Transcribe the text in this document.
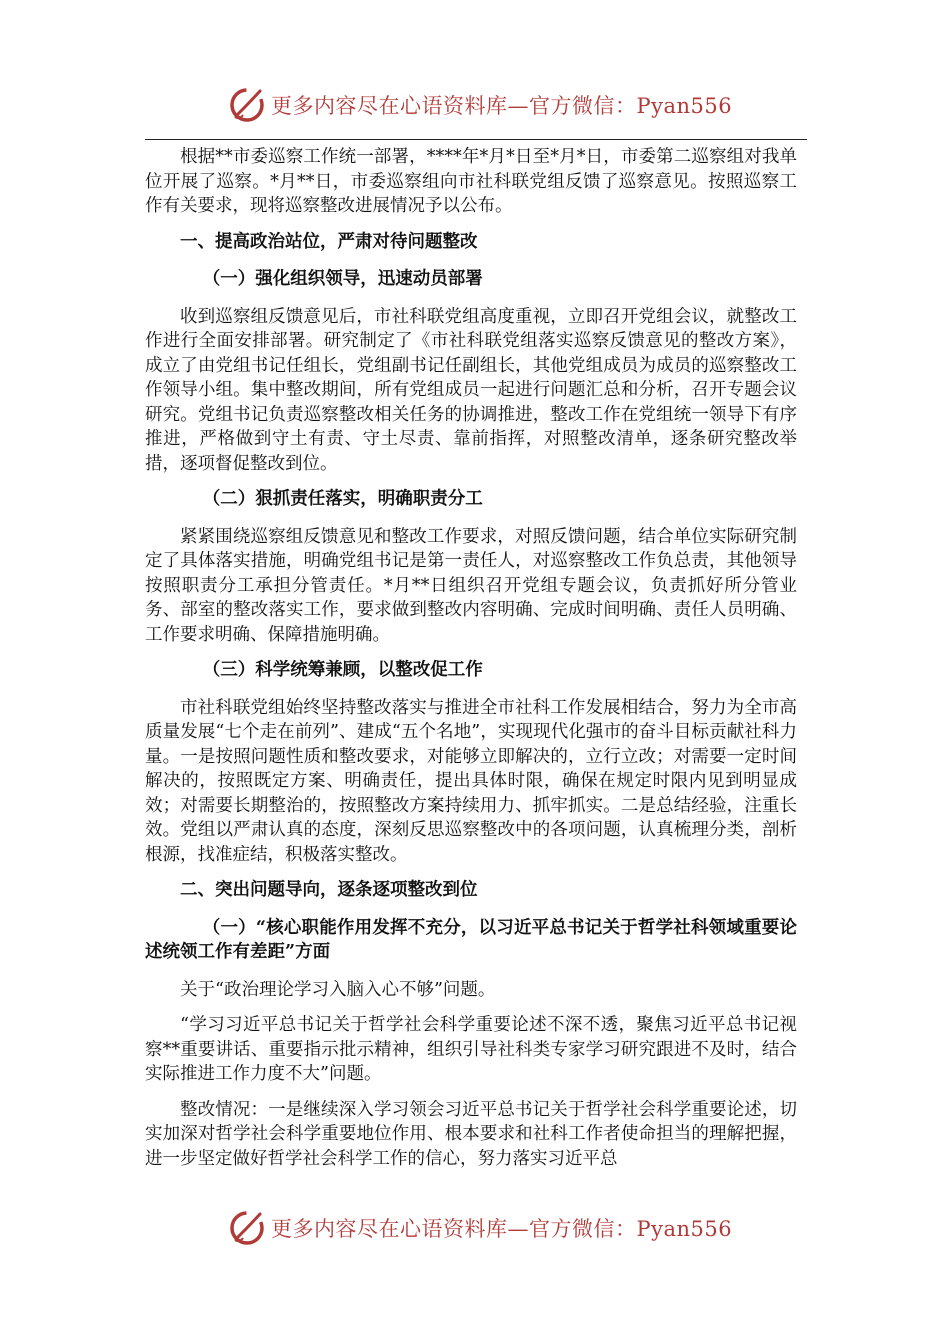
更多内容尽在心语资料库—官方微信：Pyan556

根据**市委巡察工作统一部署，****年*月*日至*月*日，市委第二巡察组对我单位开展了巡察。*月**日，市委巡察组向市社科联党组反馈了巡察意见。按照巡察工作有关要求，现将巡察整改进展情况予以公布。

一、提高政治站位，严肃对待问题整改

（一）强化组织领导，迅速动员部署

收到巡察组反馈意见后，市社科联党组高度重视，立即召开党组会议，就整改工作进行全面安排部署。研究制定了《市社科联党组落实巡察反馈意见的整改方案》，成立了由党组书记任组长，党组副书记任副组长，其他党组成员为成员的巡察整改工作领导小组。集中整改期间，所有党组成员一起进行问题汇总和分析，召开专题会议研究。党组书记负责巡察整改相关任务的协调推进，整改工作在党组统一领导下有序推进，严格做到守土有责、守土尽责、靠前指挥，对照整改清单，逐条研究整改举措，逐项督促整改到位。

（二）狠抓责任落实，明确职责分工

紧紧围绕巡察组反馈意见和整改工作要求，对照反馈问题，结合单位实际研究制定了具体落实措施，明确党组书记是第一责任人，对巡察整改工作负总责，其他领导按照职责分工承担分管责任。*月**日组织召开党组专题会议，负责抓好所分管业务、部室的整改落实工作，要求做到整改内容明确、完成时间明确、责任人员明确、工作要求明确、保障措施明确。

（三）科学统筹兼顾，以整改促工作

市社科联党组始终坚持整改落实与推进全市社科工作发展相结合，努力为全市高质量发展“七个走在前列”、建成“五个名地”，实现现代化强市的奋斗目标贡献社科力量。一是按照问题性质和整改要求，对能够立即解决的，立行立改；对需要一定时间解决的，按照既定方案、明确责任，提出具体时限，确保在规定时限内见到明显成效；对需要长期整治的，按照整改方案持续用力、抓牢抓实。二是总结经验，注重长效。党组以严肃认真的态度，深刻反思巡察整改中的各项问题，认真梳理分类，剖析根源，找准症结，积极落实整改。

二、突出问题导向，逐条逐项整改到位

（一）“核心职能作用发挥不充分，以习近平总书记关于哲学社科领域重要论述统领工作有差距”方面

关于“政治理论学习入脑入心不够”问题。

“学习习近平总书记关于哲学社会科学重要论述不深不透，聚焦习近平总书记视察**重要讲话、重要指示批示精神，组织引导社科类专家学习研究跟进不及时，结合实际推进工作力度不大”问题。

整改情况：一是继续深入学习领会习近平总书记关于哲学社会科学重要论述，切实加深对哲学社会科学重要地位作用、根本要求和社科工作者使命担当的理解把握，进一步坚定做好哲学社会科学工作的信心，努力落实习近平总

更多内容尽在心语资料库—官方微信：Pyan556
